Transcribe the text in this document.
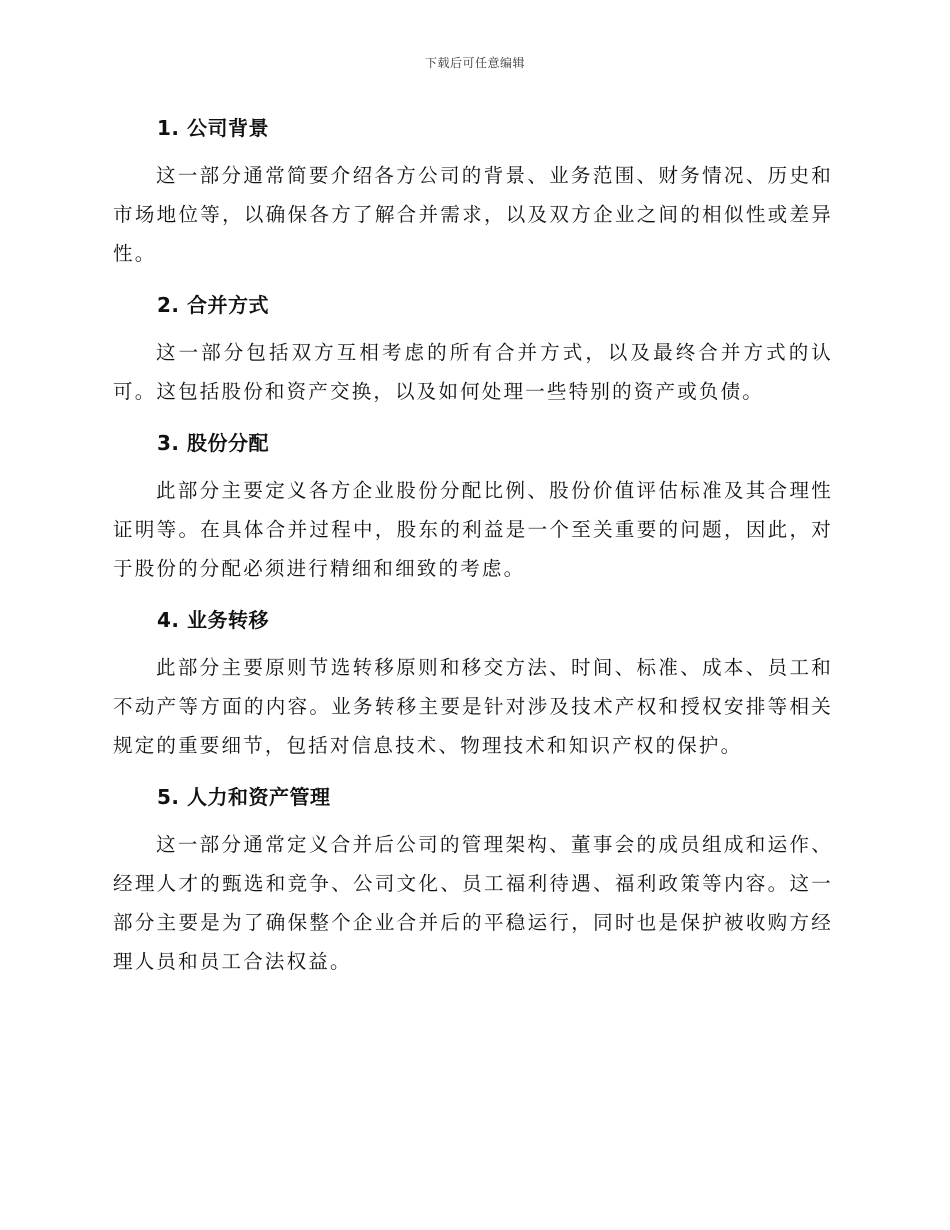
下载后可任意编辑
1. 公司背景

这一部分通常简要介绍各方公司的背景、业务范围、财务情况、历史和市场地位等，以确保各方了解合并需求，以及双方企业之间的相似性或差异性。

2. 合并方式

这一部分包括双方互相考虑的所有合并方式，以及最终合并方式的认可。这包括股份和资产交换，以及如何处理一些特别的资产或负债。

3. 股份分配

此部分主要定义各方企业股份分配比例、股份价值评估标准及其合理性证明等。在具体合并过程中，股东的利益是一个至关重要的问题，因此，对于股份的分配必须进行精细和细致的考虑。

4. 业务转移

此部分主要原则节选转移原则和移交方法、时间、标准、成本、员工和不动产等方面的内容。业务转移主要是针对涉及技术产权和授权安排等相关规定的重要细节，包括对信息技术、物理技术和知识产权的保护。

5. 人力和资产管理

这一部分通常定义合并后公司的管理架构、董事会的成员组成和运作、经理人才的甄选和竞争、公司文化、员工福利待遇、福利政策等内容。这一部分主要是为了确保整个企业合并后的平稳运行，同时也是保护被收购方经理人员和员工合法权益。
